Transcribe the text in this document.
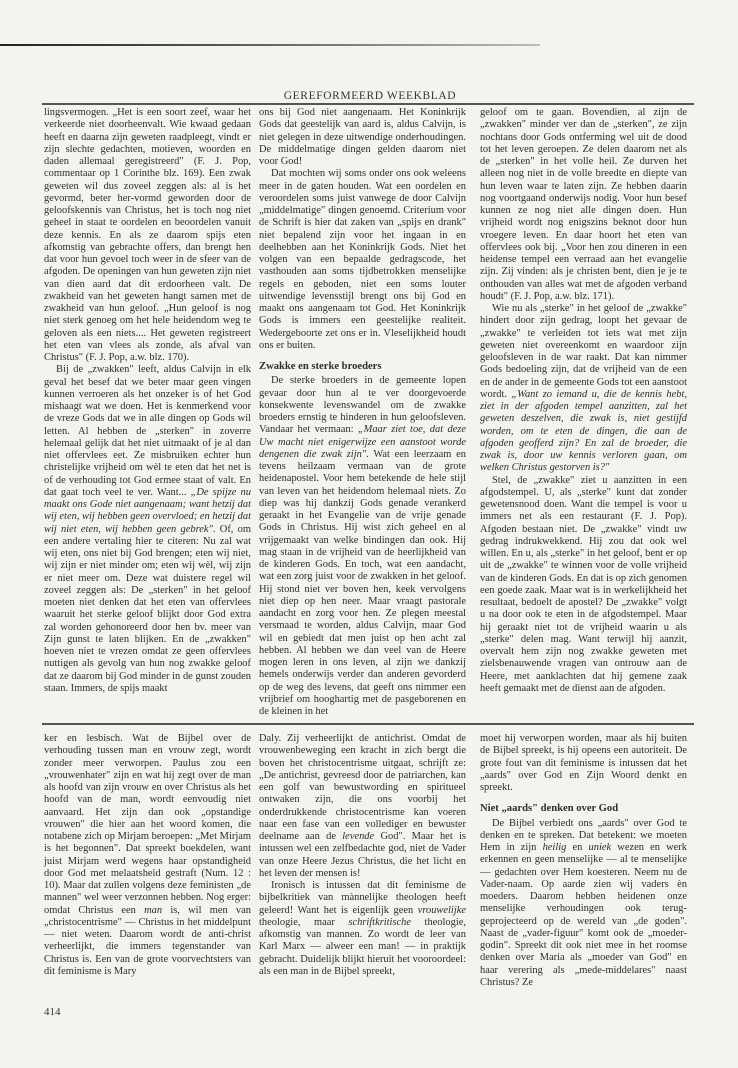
GEREFORMEERD WEEKBLAD

lingsvermogen. „Het is een soort zeef, waar het verkeerde niet doorheenvalt. Wie kwaad gedaan heeft en daarna zijn geweten raadpleegt, vindt er zijn slechte gedachten, motieven, woorden en daden allemaal geregistreerd" (F. J. Pop, commentaar op 1 Corinthe blz. 169). Een zwak geweten wil dus zoveel zeggen als: al is het gevormd, beter her-vormd geworden door de geloofskennis van Christus, het is toch nog niet geheel in staat te oordelen en beoordelen vanuit deze kennis. En als ze daarom spijs eten afkomstig van gebrachte offers, dan brengt hen dat voor hun gevoel toch weer in de sfeer van de afgoden. De openingen van hun geweten zijn niet van dien aard dat dit erdoorheen valt. De zwakheid van het geweten hangt samen met de zwakheid van hun geloof. „Hun geloof is nog niet sterk genoeg om het hele heidendom weg te geloven als een niets.... Het geweten registreert het eten van vlees als zonde, als afval van Christus" (F. J. Pop, a.w. blz. 170).

Bij de „zwakken" leeft, aldus Calvijn in elk geval het besef dat we beter maar geen vingen kunnen verroeren als het onzeker is of het God mishaagt wat we doen. Het is kenmerkend voor de vreze Gods dat we in alle dingen op Gods wil letten. Al hebben de „sterken" in zoverre helemaal gelijk dat het niet uitmaakt of je al dan niet offervlees eet. Ze misbruiken echter hun christelijke vrijheid om wèl te eten dat het net is of de verhouding tot God ermee staat of valt. En dat gaat toch veel te ver. Want... „De spijze nu maakt ons Gode niet aangenaam; want hetzij dat wij eten, wij hebben geen overvloed; en hetzij dat wij niet eten, wij hebben geen gebrek". Of, om een andere vertaling hier te citeren: Nu zal wat wij eten, ons niet bij God brengen; eten wij niet, wij zijn er niet minder om; eten wij wèl, wij zijn er niet meer om. Deze wat duistere regel wil zoveel zeggen als: De „sterken" in het geloof moeten niet denken dat het eten van offervlees waaruit het sterke geloof blijkt door God extra zal worden gehonoreerd door hen bv. meer van Zijn gunst te laten blijken. En de „zwakken" hoeven niet te vrezen omdat ze geen offervlees nuttigen als gevolg van hun nog zwakke geloof dat ze daarom bij God minder in de gunst zouden staan. Immers, de spijs maakt

ons bij God niet aangenaam. Het Koninkrijk Gods dat geestelijk van aard is, aldus Calvijn, is niet gelegen in deze uitwendige onderhoudingen. De middelmatige dingen gelden daarom niet voor God!

Dat mochten wij soms onder ons ook weleens meer in de gaten houden. Wat een oordelen en veroordelen soms juist vanwege de door Calvijn „middelmatige" dingen genoemd. Criterium voor de Schrift is hier dat zaken van „spijs en drank" niet bepalend zijn voor het ingaan in en deelhebben aan het Koninkrijk Gods. Niet het volgen van een bepaalde gedragscode, het vasthouden aan soms tijdbetrokken menselijke regels en geboden, niet een soms louter uitwendige levensstijl brengt ons bij God en maakt ons aangenaam tot God. Het Koninkrijk Gods is immers een geestelijke realiteit. Wedergeboorte zet ons er in. Vleselijkheid houdt ons er buiten.

Zwakke en sterke broeders

De sterke broeders in de gemeente lopen gevaar door hun al te ver doorgevoerde konsekwente levenswandel om de zwakke broeders ernstig te hinderen in hun geloofsleven. Vandaar het vermaan: „Maar ziet toe, dat deze Uw macht niet enigerwijze een aanstoot worde dengenen die zwak zijn". Wat een leerzaam en tevens heilzaam vermaan van de grote heidenapostel. Voor hem betekende de hele stijl van leven van het heidendom helemaal niets. Zo diep was hij dankzij Gods genade verankerd geraakt in het Evangelie van de vrije genade Gods in Christus. Hij wist zich geheel en al vrijgemaakt van welke bindingen dan ook. Hij mag staan in de vrijheid van de heerlijkheid van de kinderen Gods. En toch, wat een aandacht, wat een zorg juist voor de zwakken in het geloof. Hij stond niet ver boven hen, keek vervolgens niet diep op hen neer. Maar vraagt pastorale aandacht en zorg voor hen. Ze plegen meestal versmaad te worden, aldus Calvijn, maar God wil en gebiedt dat men juist op hen acht zal hebben. Al hebben we dan veel van de Heere mogen leren in ons leven, al zijn we dankzij hemels onderwijs verder dan anderen gevorderd op de weg des levens, dat geeft ons nimmer een vrijbrief om hooghartig met de pasgeborenen en de kleinen in het

geloof om te gaan. Bovendien, al zijn de „zwakken" minder ver dan de „sterken", ze zijn nochtans door Gods ontferming wel uit de dood tot het leven geroepen. Ze delen daarom net als de „sterken" in het volle heil. Ze durven het alleen nog niet in de volle breedte en diepte van hun leven waar te laten zijn. Ze hebben daarin nog voortgaand onderwijs nodig. Voor hun besef kunnen ze nog niet alle dingen doen. Hun vrijheid wordt nog enigszins beknot door hun vroegere leven. En daar hoort het eten van offervlees ook bij. „Voor hen zou dineren in een heidense tempel een verraad aan het evangelie zijn. Zij vinden: als je christen bent, dien je je te onthouden van alles wat met de afgoden verband houdt" (F. J. Pop, a.w. blz. 171).

Wie nu als „sterke" in het geloof de „zwakke" hindert door zijn gedrag, loopt het gevaar de „zwakke" te verleiden tot iets wat met zijn geweten niet overeenkomt en waardoor zijn geloofsleven in de war raakt. Dat kan nimmer Gods bedoeling zijn, dat de vrijheid van de een en de ander in de gemeente Gods tot een aanstoot wordt. „Want zo iemand u, die de kennis hebt, ziet in der afgoden tempel aanzitten, zal het geweten deszelven, die zwak is, niet gestijfd worden, om te eten de dingen, die aan de afgoden geofferd zijn? En zal de broeder, die zwak is, door uw kennis verloren gaan, om welken Christus gestorven is?"

Stel, de „zwakke" ziet u aanzitten in een afgodstempel. U, als „sterke" kunt dat zonder gewetensnood doen. Want die tempel is voor u immers net als een restaurant (F. J. Pop). Afgoden bestaan niet. De „zwakke" vindt uw gedrag indrukwekkend. Hij zou dat ook wel willen. En u, als „sterke" in het geloof, bent er op uit de „zwakke" te winnen voor de volle vrijheid van de kinderen Gods. En dat is op zich genomen een goede zaak. Maar wat is in werkelijkheid het resultaat, bedoelt de apostel? De „zwakke" volgt u na door ook te eten in de afgodstempel. Maar hij geraakt niet tot de vrijheid waarin u als „sterke" delen mag. Want terwijl hij aanzit, overvalt hem zijn nog zwakke geweten met zielsbenauwende vragen van ontrouw aan de Heere, met aanklachten dat hij gemene zaak heeft gemaakt met de dienst aan de afgoden.

ker en lesbisch. Wat de Bijbel over de verhouding tussen man en vrouw zegt, wordt zonder meer verworpen. Paulus zou een „vrouwenhater" zijn en wat hij zegt over de man als hoofd van zijn vrouw en over Christus als het hoofd van de man, wordt eenvoudig niet aanvaard. Het zijn dan ook „opstandige vrouwen" die hier aan het woord komen, die notabene zich op Mirjam beroepen: „Met Mirjam is het begonnen". Dat spreekt boekdelen, want juist Mirjam werd wegens haar opstandigheid door God met melaatsheid gestraft (Num. 12 : 10). Maar dat zullen volgens deze feministen „de mannen" wel weer verzonnen hebben. Nog erger: omdat Christus een man is, wil men van „christocentrisme" — Christus in het middelpunt — niet weten. Daarom wordt de anti-christ verheerlijkt, die immers tegenstander van Christus is. Een van de grote voorvechtsters van dit feminisme is Mary

Daly. Zij verheerlijkt de antichrist. Omdat de vrouwenbeweging een kracht in zich bergt die boven het christocentrisme uitgaat, schrijft ze: „De antichrist, gevreesd door de patriarchen, kan een golf van bewustwording en spiritueel ontwaken zijn, die ons voorbij het onderdrukkende christocentrisme kan voeren naar een fase van een vollediger en bewuster deelname aan de levende God". Maar het is intussen wel een zelfbedachte god, niet de Vader van onze Heere Jezus Christus, die het licht en het leven der mensen is!

Ironisch is intussen dat dit feminisme de bijbelkritiek van mànnelijke theologen heeft geleerd! Want het is eigenlijk geen vrouwelijke theologie, maar schriftkritische theologie, afkomstig van mannen. Zo wordt de leer van Karl Marx — alweer een man! — in praktijk gebracht. Duidelijk blijkt hieruit het vooroordeel: als een man in de Bijbel spreekt,

moet hij verworpen worden, maar als hij buiten de Bijbel spreekt, is hij opeens een autoriteit. De grote fout van dit feminisme is intussen dat het „aards" over God en Zijn Woord denkt en spreekt.

Niet „aards" denken over God

De Bijbel verbiedt ons „aards" over God te denken en te spreken. Dat betekent: we moeten Hem in zijn heilig en uniek wezen en werk erkennen en geen menselijke — al te menselijke — gedachten over Hem koesteren. Neem nu de Vader-naam. Op aarde zien wij vaders èn moeders. Daarom hebben heidenen onze menselijke verhoudingen ook terug-geprojecteerd op de wereld van „de goden". Naast de „vader-figuur" komt ook de „moeder-godin". Spreekt dit ook niet mee in het roomse denken over Maria als „moeder van God" en haar verering als „mede-middelares" naast Christus? Ze

414
